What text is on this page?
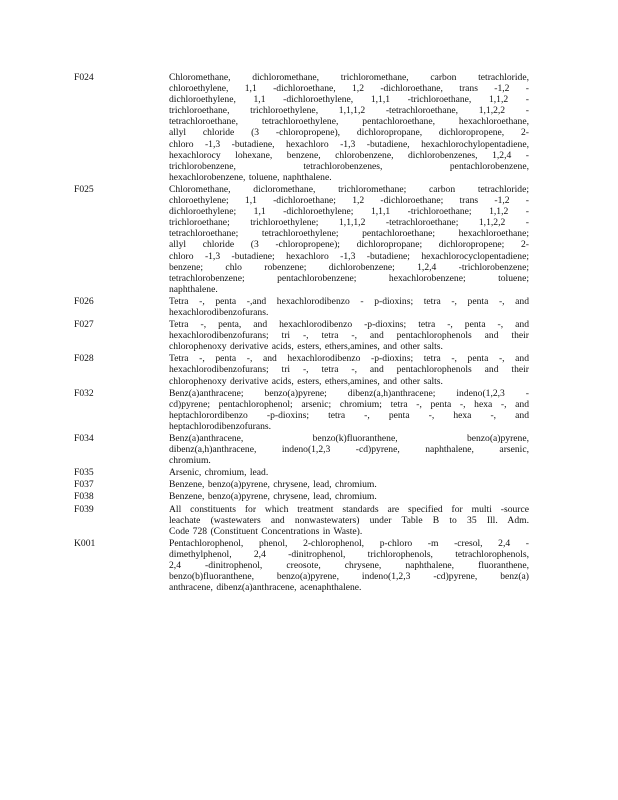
F024	Chloromethane, dichloromethane, trichloromethane, carbon tetrachloride,
chloroethylene, 1,1 -dichloroethane, 1,2 -dichloroethane, trans -1,2 -
dichloroethylene, 1,1 -dichloroethylene, 1,1,1 -trichloroethane, 1,1,2 -
trichloroethane, trichloroethylene, 1,1,1,2 -tetrachloroethane, 1,1,2,2 -
tetrachloroethane, tetrachloroethylene, pentachloroethane, hexachloroethane,
allyl chloride (3 -chloropropene), dichloropropane, dichloropropene, 2-
chloro -1,3 -butadiene, hexachloro -1,3 -butadiene, hexachlorochylopentadiene,
hexachlorocy lohexane, benzene, chlorobenzene, dichlorobenzenes, 1,2,4 -
trichlorobenzene, tetrachlorobenzenes, pentachlorobenzene,
hexachlorobenzene, toluene, naphthalene.
F025	Chloromethane, dicloromethane, trichloromethane; carbon tetrachloride;
chloroethylene; 1,1 -dichloroethane; 1,2 -dichloroethane; trans -1,2 -
dichloroethylene; 1,1 -dichloroethylene; 1,1,1 -trichloroethane; 1,1,2 -
trichloroethane; trichloroethylene; 1,1,1,2 -tetrachloroethane; 1,1,2,2 -
tetrachloroethane; tetrachloroethylene; pentachloroethane; hexachloroethane;
allyl chloride (3 -chloropropene); dichloropropane; dichloropropene; 2-
chloro -1,3 -butadiene; hexachloro -1,3 -butadiene; hexachlorocyclopentadiene;
benzene; chlo robenzene; dichlorobenzene; 1,2,4 -trichlorobenzene;
tetrachlorobenzene; pentachlorobenzene; hexachlorobenzene; toluene;
naphthalene.
F026	Tetra -, penta -,and hexachlorodibenzo - p-dioxins; tetra -, penta -, and
hexachlorodibenzofurans.
F027	Tetra -, penta, and hexachlorodibenzo -p-dioxins; tetra -, penta -, and
hexachlorodibenzofurans; tri -, tetra -, and pentachlorophenols and their
chlorophenoxy derivative acids, esters, ethers,amines, and other salts.
F028	Tetra -, penta -, and hexachlorodibenzo -p-dioxins; tetra -, penta -, and
hexachlorodibenzofurans; tri -, tetra -, and pentachlorophenols and their
chlorophenoxy derivative acids, esters, ethers,amines, and other salts.
F032	Benz(a)anthracene; benzo(a)pyrene; dibenz(a,h)anthracene; indeno(1,2,3 -
cd)pyrene; pentachlorophenol; arsenic; chromium; tetra -, penta -, hexa -, and
heptachlorordibenzo -p-dioxins; tetra -, penta -, hexa -, and
heptachlorodibenzofurans.
F034	Benz(a)anthracene, benzo(k)fluoranthene, benzo(a)pyrene,
dibenz(a,h)anthracene, indeno(1,2,3 -cd)pyrene, naphthalene, arsenic,
chromium.
F035	Arsenic, chromium, lead.
F037	Benzene, benzo(a)pyrene, chrysene, lead, chromium.
F038	Benzene, benzo(a)pyrene, chrysene, lead, chromium.
F039	All constituents for which treatment standards are specified for multi -source
leachate (wastewaters and nonwastewaters) under Table B to 35 Ill. Adm.
Code 728 (Constituent Concentrations in Waste).
K001	Pentachlorophenol, phenol, 2-chlorophenol, p-chloro -m -cresol, 2,4 -
dimethylphenol, 2,4 -dinitrophenol, trichlorophenols, tetrachlorophenols,
2,4 -dinitrophenol, creosote, chrysene, naphthalene, fluoranthene,
benzo(b)fluoranthene, benzo(a)pyrene, indeno(1,2,3 -cd)pyrene, benz(a)
anthracene, dibenz(a)anthracene, acenaphthalene.
